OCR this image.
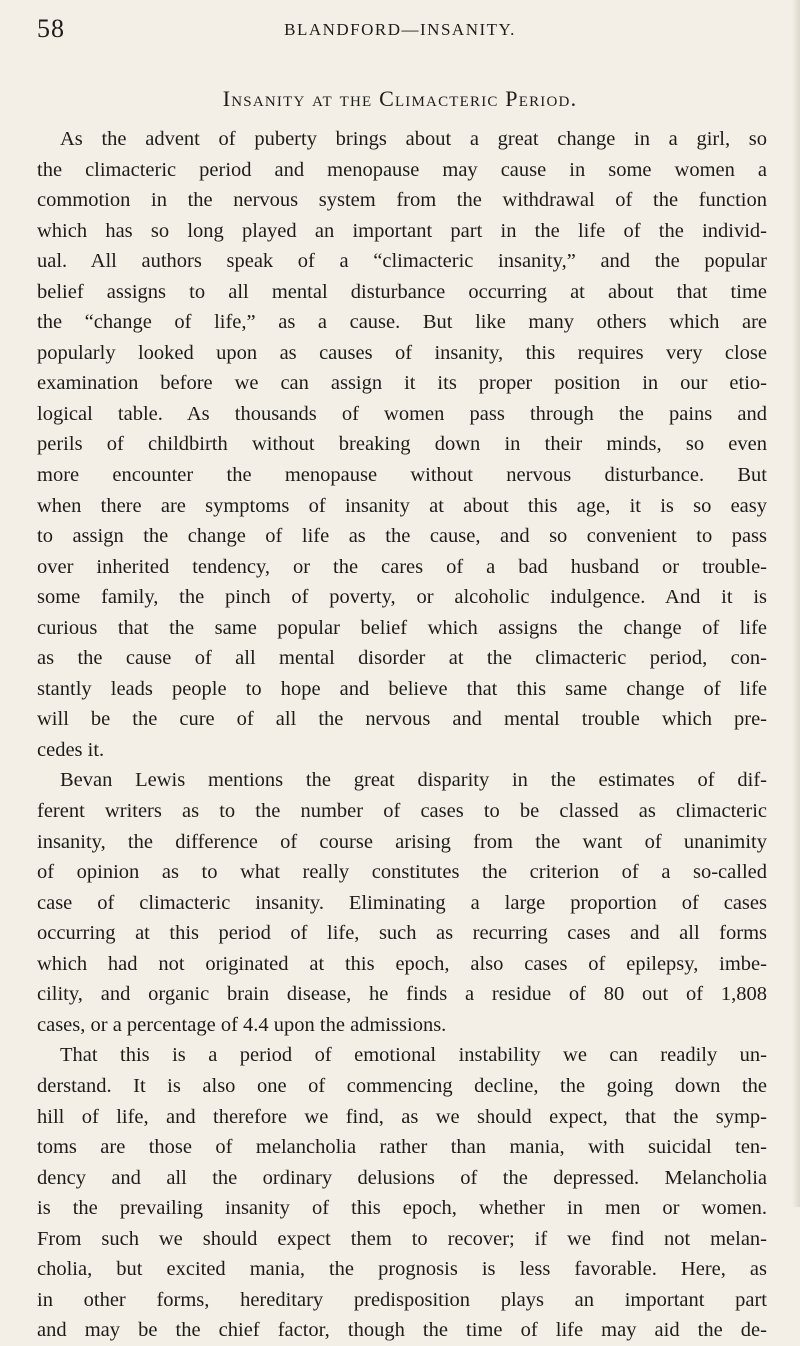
58	BLANDFORD—INSANITY.
Insanity at the Climacteric Period.
As the advent of puberty brings about a great change in a girl, so
the climacteric period and menopause may cause in some women a
commotion in the nervous system from the withdrawal of the function
which has so long played an important part in the life of the individ-
ual. All authors speak of a “climacteric insanity,” and the popular
belief assigns to all mental disturbance occurring at about that time
the “change of life,” as a cause. But like many others which are
popularly looked upon as causes of insanity, this requires very close
examination before we can assign it its proper position in our etio-
logical table. As thousands of women pass through the pains and
perils of childbirth without breaking down in their minds, so even
more encounter the menopause without nervous disturbance. But
when there are symptoms of insanity at about this age, it is so easy
to assign the change of life as the cause, and so convenient to pass
over inherited tendency, or the cares of a bad husband or trouble-
some family, the pinch of poverty, or alcoholic indulgence. And it is
curious that the same popular belief which assigns the change of life
as the cause of all mental disorder at the climacteric period, con-
stantly leads people to hope and believe that this same change of life
will be the cure of all the nervous and mental trouble which pre-
cedes it.
Bevan Lewis mentions the great disparity in the estimates of dif-
ferent writers as to the number of cases to be classed as climacteric
insanity, the difference of course arising from the want of unanimity
of opinion as to what really constitutes the criterion of a so-called
case of climacteric insanity. Eliminating a large proportion of cases
occurring at this period of life, such as recurring cases and all forms
which had not originated at this epoch, also cases of epilepsy, imbe-
cility, and organic brain disease, he finds a residue of 80 out of 1,808
cases, or a percentage of 4.4 upon the admissions.
That this is a period of emotional instability we can readily un-
derstand. It is also one of commencing decline, the going down the
hill of life, and therefore we find, as we should expect, that the symp-
toms are those of melancholia rather than mania, with suicidal ten-
dency and all the ordinary delusions of the depressed. Melancholia
is the prevailing insanity of this epoch, whether in men or women.
From such we should expect them to recover; if we find not melan-
cholia, but excited mania, the prognosis is less favorable. Here, as
in other forms, hereditary predisposition plays an important part
and may be the chief factor, though the time of life may aid the de-
